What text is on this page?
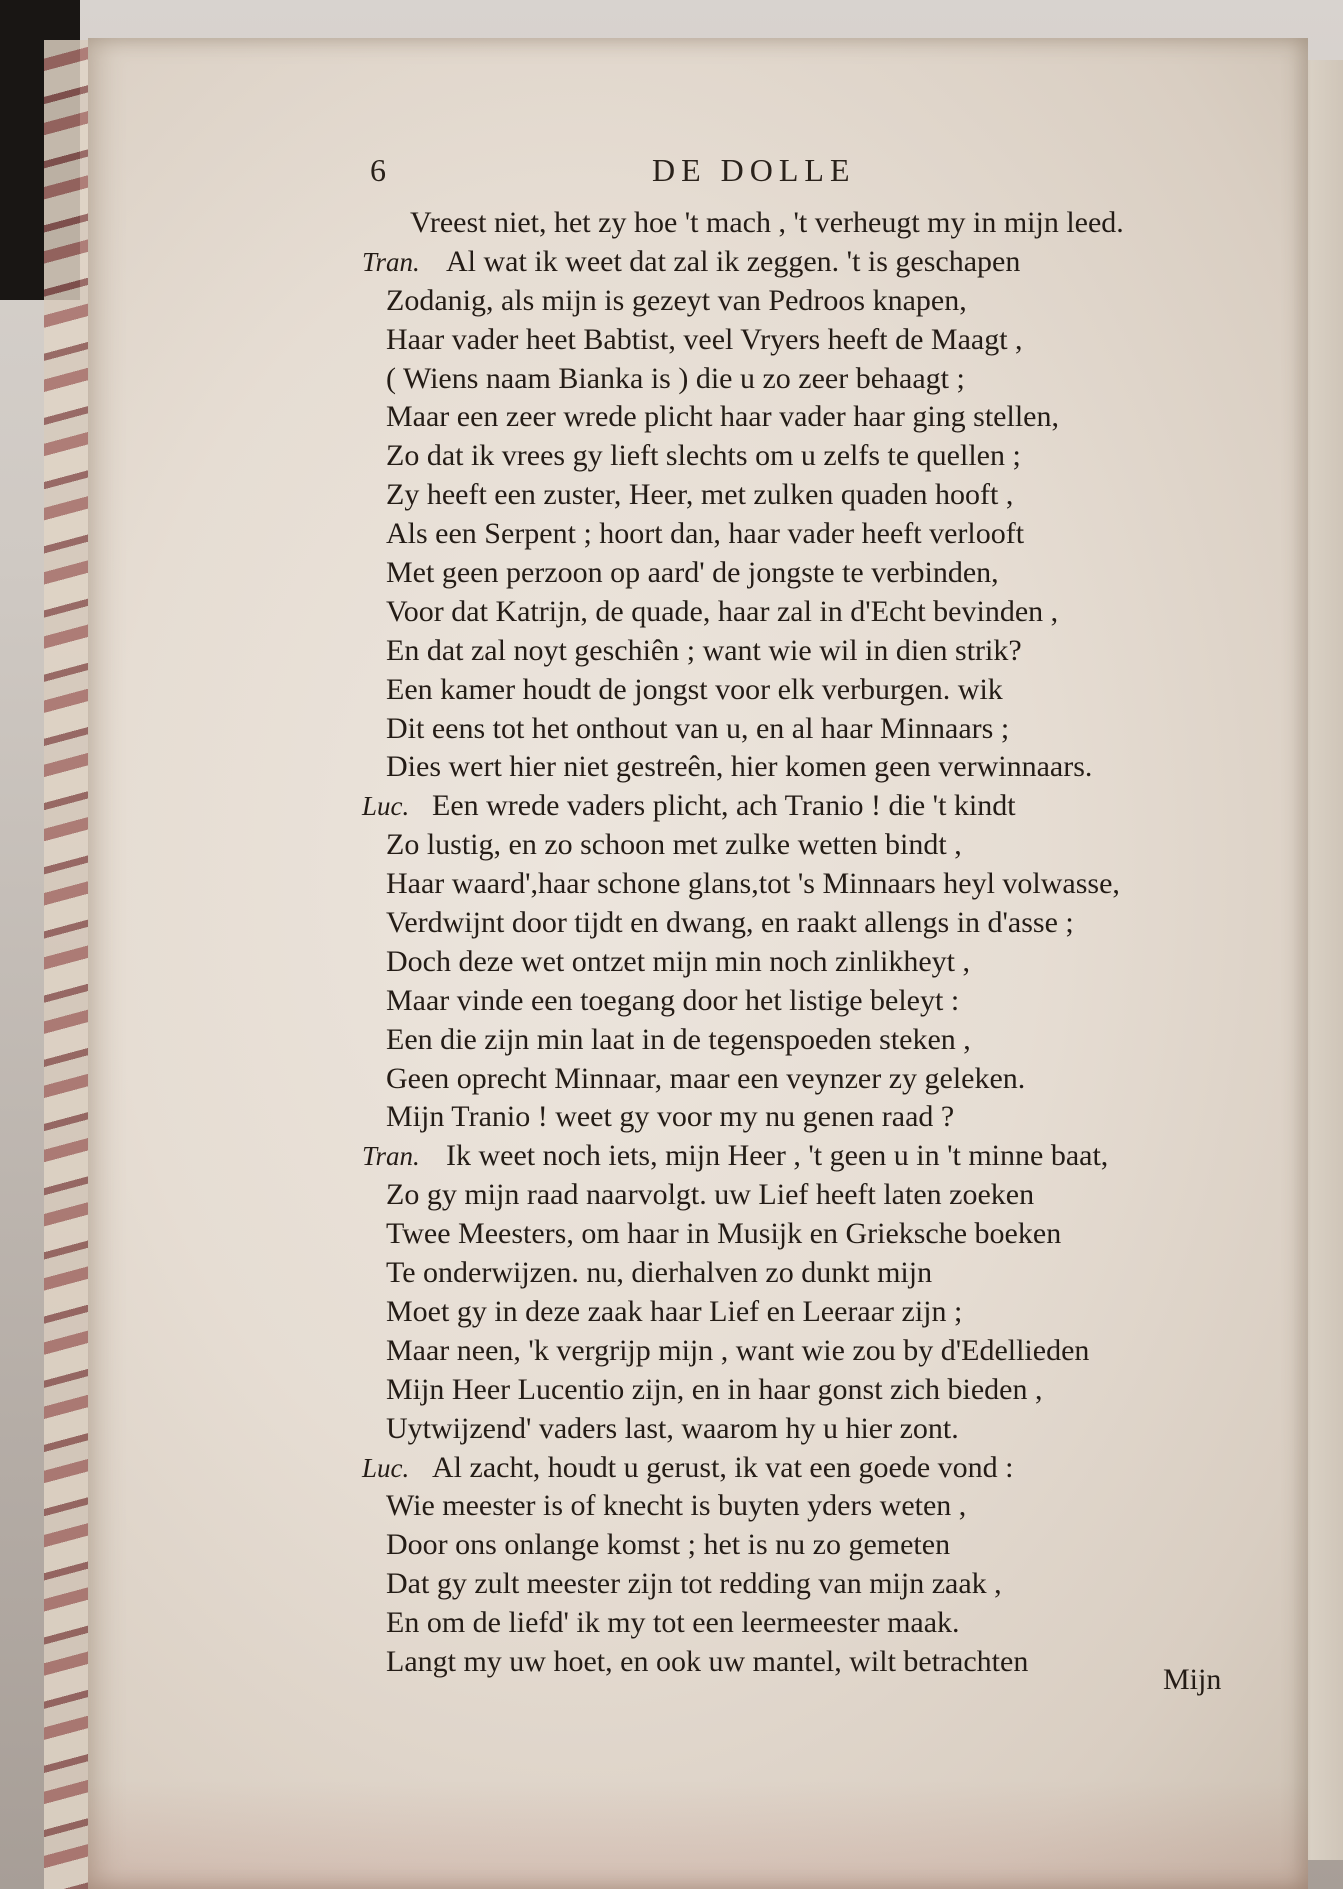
6	DE DOLLE
Vreest niet, het zy hoe 't mach , 't verheugt my in mijn leed.
Tran. Al wat ik weet dat zal ik zeggen. 't is geschapen
Zodanig, als mijn is gezeyt van Pedroos knapen,
Haar vader heet Babtist, veel Vryers heeft de Maagt ,
( Wiens naam Bianka is ) die u zo zeer behaagt ;
Maar een zeer wrede plicht haar vader haar ging stellen,
Zo dat ik vrees gy lieft slechts om u zelfs te quellen ;
Zy heeft een zuster, Heer, met zulken quaden hooft ,
Als een Serpent ; hoort dan, haar vader heeft verlooft
Met geen perzoon op aard' de jongste te verbinden,
Voor dat Katrijn, de quade, haar zal in d'Echt bevinden ,
En dat zal noyt geschiên ; want wie wil in dien strik?
Een kamer houdt de jongst voor elk verburgen. wik
Dit eens tot het onthout van u, en al haar Minnaars ;
Dies wert hier niet gestreên, hier komen geen verwinnaars.
Luc. Een wrede vaders plicht, ach Tranio ! die 't kindt
Zo lustig, en zo schoon met zulke wetten bindt ,
Haar waard',haar schone glans,tot 's Minnaars heyl volwasse,
Verdwijnt door tijdt en dwang, en raakt allengs in d'asse ;
Doch deze wet ontzet mijn min noch zinlikheyt ,
Maar vinde een toegang door het listige beleyt :
Een die zijn min laat in de tegenspoeden steken ,
Geen oprecht Minnaar, maar een veynzer zy geleken.
Mijn Tranio ! weet gy voor my nu genen raad ?
Tran. Ik weet noch iets, mijn Heer , 't geen u in 't minne baat,
Zo gy mijn raad naarvolgt. uw Lief heeft laten zoeken
Twee Meesters, om haar in Musijk en Grieksche boeken
Te onderwijzen. nu, dierhalven zo dunkt mijn
Moet gy in deze zaak haar Lief en Leeraar zijn ;
Maar neen, 'k vergrijp mijn , want wie zou by d'Edellieden
Mijn Heer Lucentio zijn, en in haar gonst zich bieden ,
Uytwijzend' vaders last, waarom hy u hier zont.
Luc. Al zacht, houdt u gerust, ik vat een goede vond :
Wie meester is of knecht is buyten yders weten ,
Door ons onlange komst ; het is nu zo gemeten
Dat gy zult meester zijn tot redding van mijn zaak ,
En om de liefd' ik my tot een leermeester maak.
Langt my uw hoet, en ook uw mantel, wilt betrachten
Mijn
